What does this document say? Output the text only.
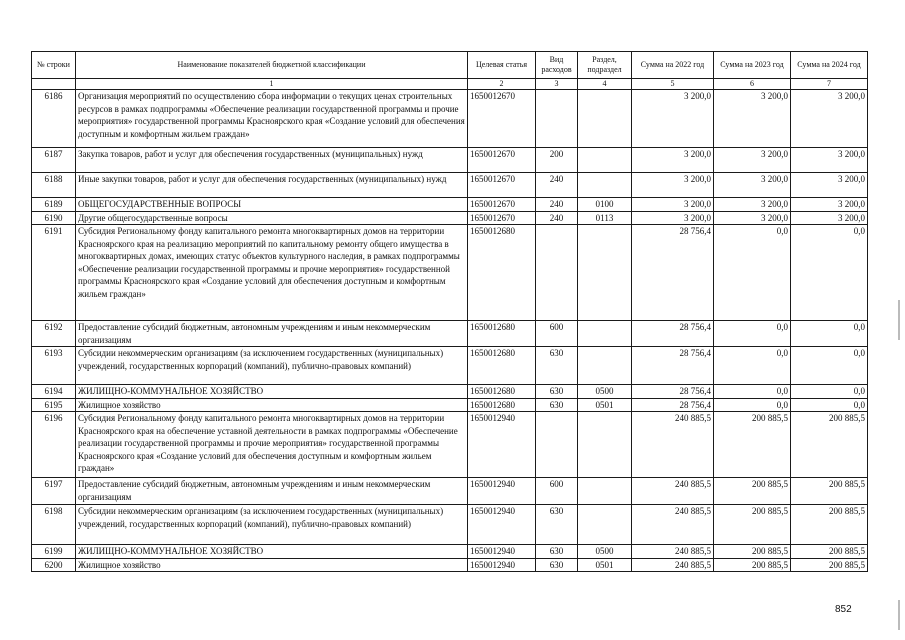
№ строки	Наименование показателей бюджетной классификации	Целевая статья	Вид расходов	Раздел, подраздел	Сумма на 2022 год	Сумма на 2023 год	Сумма на 2024 год
	1	2	3	4	5	6	7
6186	Организация мероприятий по осуществлению сбора информации о текущих ценах строительных ресурсов в рамках подпрограммы «Обеспечение реализации государственной программы и прочие мероприятия» государственной программы Красноярского края «Создание условий для обеспечения доступным и комфортным жильем граждан»	1650012670			3 200,0	3 200,0	3 200,0
6187	Закупка товаров, работ и услуг для обеспечения государственных (муниципальных) нужд	1650012670	200		3 200,0	3 200,0	3 200,0
6188	Иные закупки товаров, работ и услуг для обеспечения государственных (муниципальных) нужд	1650012670	240		3 200,0	3 200,0	3 200,0
6189	ОБЩЕГОСУДАРСТВЕННЫЕ ВОПРОСЫ	1650012670	240	0100	3 200,0	3 200,0	3 200,0
6190	Другие общегосударственные вопросы	1650012670	240	0113	3 200,0	3 200,0	3 200,0
6191	Субсидия Региональному фонду капитального ремонта многоквартирных домов на территории Красноярского края на реализацию мероприятий по капитальному ремонту общего имущества в многоквартирных домах, имеющих статус объектов культурного наследия, в рамках подпрограммы «Обеспечение реализации государственной программы и прочие мероприятия» государственной программы Красноярского края «Создание условий для обеспечения доступным и комфортным жильем граждан»	1650012680			28 756,4	0,0	0,0
6192	Предоставление субсидий бюджетным, автономным учреждениям и иным некоммерческим организациям	1650012680	600		28 756,4	0,0	0,0
6193	Субсидии некоммерческим организациям (за исключением государственных (муниципальных) учреждений, государственных корпораций (компаний), публично-правовых компаний)	1650012680	630		28 756,4	0,0	0,0
6194	ЖИЛИЩНО-КОММУНАЛЬНОЕ ХОЗЯЙСТВО	1650012680	630	0500	28 756,4	0,0	0,0
6195	Жилищное хозяйство	1650012680	630	0501	28 756,4	0,0	0,0
6196	Субсидия Региональному фонду капитального ремонта многоквартирных домов на территории Красноярского края на обеспечение уставной деятельности в рамках подпрограммы «Обеспечение реализации государственной программы и прочие мероприятия» государственной программы Красноярского края «Создание условий для обеспечения доступным и комфортным жильем граждан»	1650012940			240 885,5	200 885,5	200 885,5
6197	Предоставление субсидий бюджетным, автономным учреждениям и иным некоммерческим организациям	1650012940	600		240 885,5	200 885,5	200 885,5
6198	Субсидии некоммерческим организациям (за исключением государственных (муниципальных) учреждений, государственных корпораций (компаний), публично-правовых компаний)	1650012940	630		240 885,5	200 885,5	200 885,5
6199	ЖИЛИЩНО-КОММУНАЛЬНОЕ ХОЗЯЙСТВО	1650012940	630	0500	240 885,5	200 885,5	200 885,5
6200	Жилищное хозяйство	1650012940	630	0501	240 885,5	200 885,5	200 885,5
852
